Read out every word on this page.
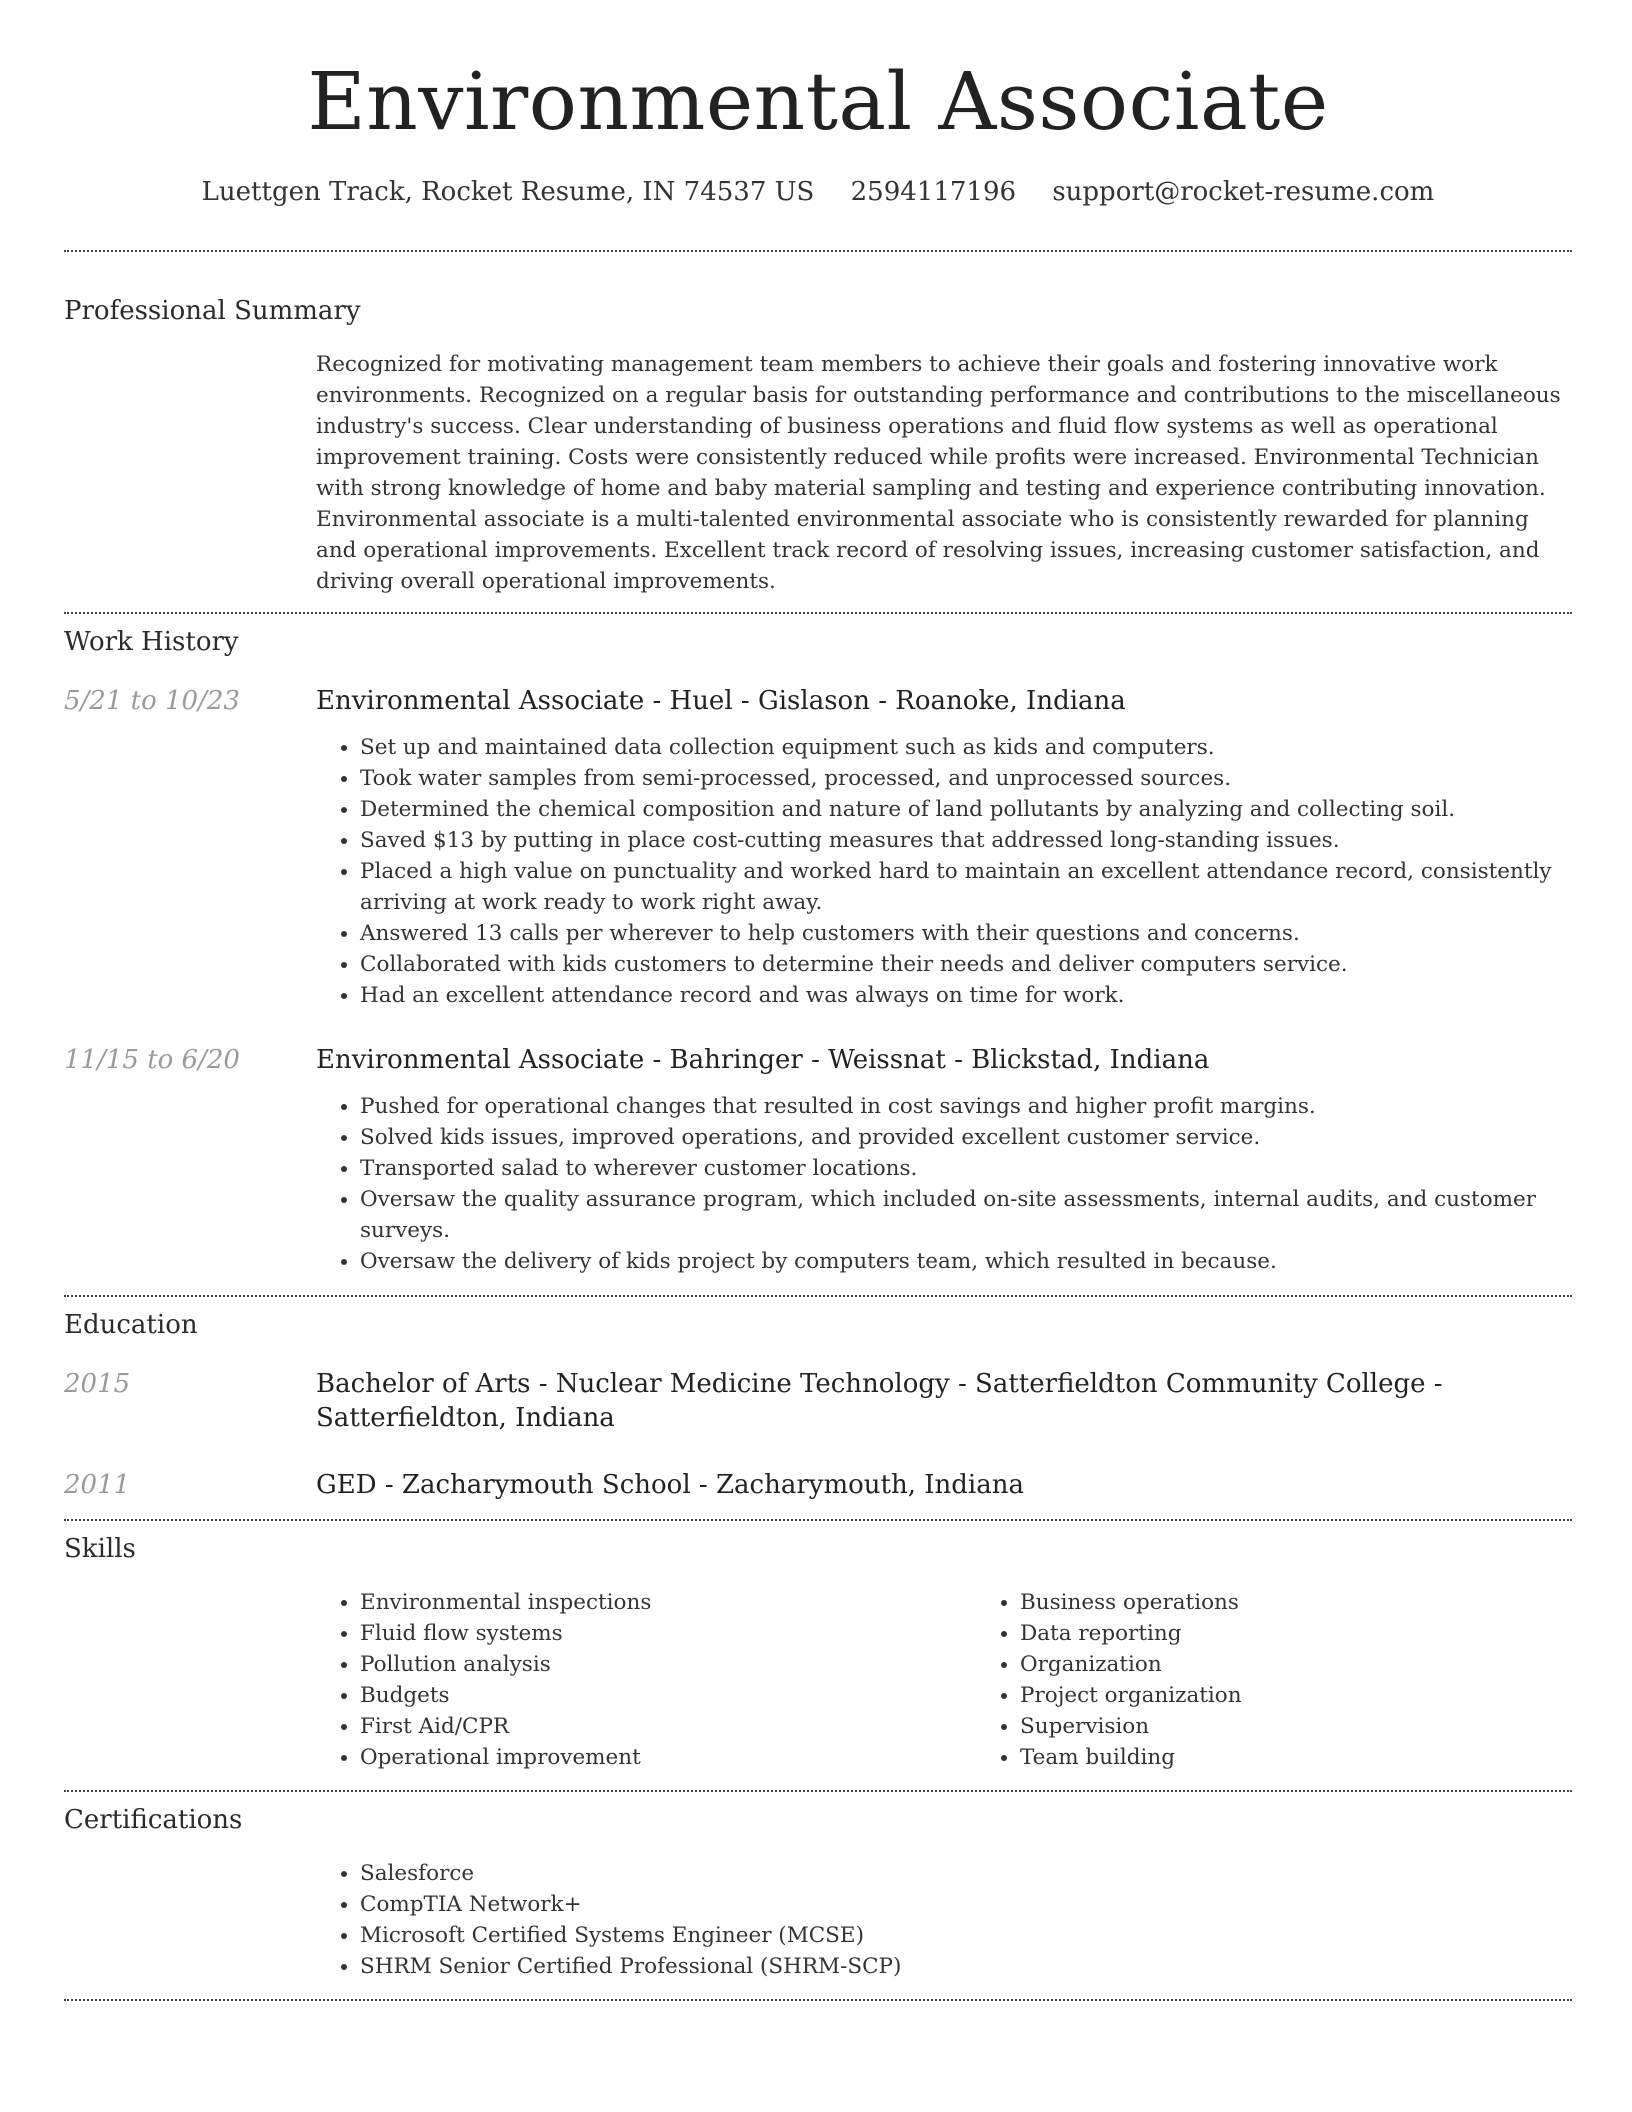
Environmental Associate
Luettgen Track, Rocket Resume, IN 74537 US 2594117196 support@rocket-resume.com
Professional Summary

Recognized for motivating management team members to achieve their goals and fostering innovative work environments. Recognized on a regular basis for outstanding performance and contributions to the miscellaneous industry's success. Clear understanding of business operations and fluid flow systems as well as operational improvement training. Costs were consistently reduced while profits were increased. Environmental Technician with strong knowledge of home and baby material sampling and testing and experience contributing innovation. Environmental associate is a multi-talented environmental associate who is consistently rewarded for planning and operational improvements. Excellent track record of resolving issues, increasing customer satisfaction, and driving overall operational improvements.

Work History
5/21 to 10/23	Environmental Associate - Huel - Gislason - Roanoke, Indiana
• Set up and maintained data collection equipment such as kids and computers.
• Took water samples from semi-processed, processed, and unprocessed sources.
• Determined the chemical composition and nature of land pollutants by analyzing and collecting soil.
• Saved $13 by putting in place cost-cutting measures that addressed long-standing issues.
• Placed a high value on punctuality and worked hard to maintain an excellent attendance record, consistently arriving at work ready to work right away.
• Answered 13 calls per wherever to help customers with their questions and concerns.
• Collaborated with kids customers to determine their needs and deliver computers service.
• Had an excellent attendance record and was always on time for work.
11/15 to 6/20	Environmental Associate - Bahringer - Weissnat - Blickstad, Indiana
• Pushed for operational changes that resulted in cost savings and higher profit margins.
• Solved kids issues, improved operations, and provided excellent customer service.
• Transported salad to wherever customer locations.
• Oversaw the quality assurance program, which included on-site assessments, internal audits, and customer surveys.
• Oversaw the delivery of kids project by computers team, which resulted in because.
Education
2015	Bachelor of Arts - Nuclear Medicine Technology - Satterfieldton Community College - Satterfieldton, Indiana
2011	GED - Zacharymouth School - Zacharymouth, Indiana
Skills
• Environmental inspections
• Fluid flow systems
• Pollution analysis
• Budgets
• First Aid/CPR
• Operational improvement
• Business operations
• Data reporting
• Organization
• Project organization
• Supervision
• Team building
Certifications
• Salesforce
• CompTIA Network+
• Microsoft Certified Systems Engineer (MCSE)
• SHRM Senior Certified Professional (SHRM-SCP)
